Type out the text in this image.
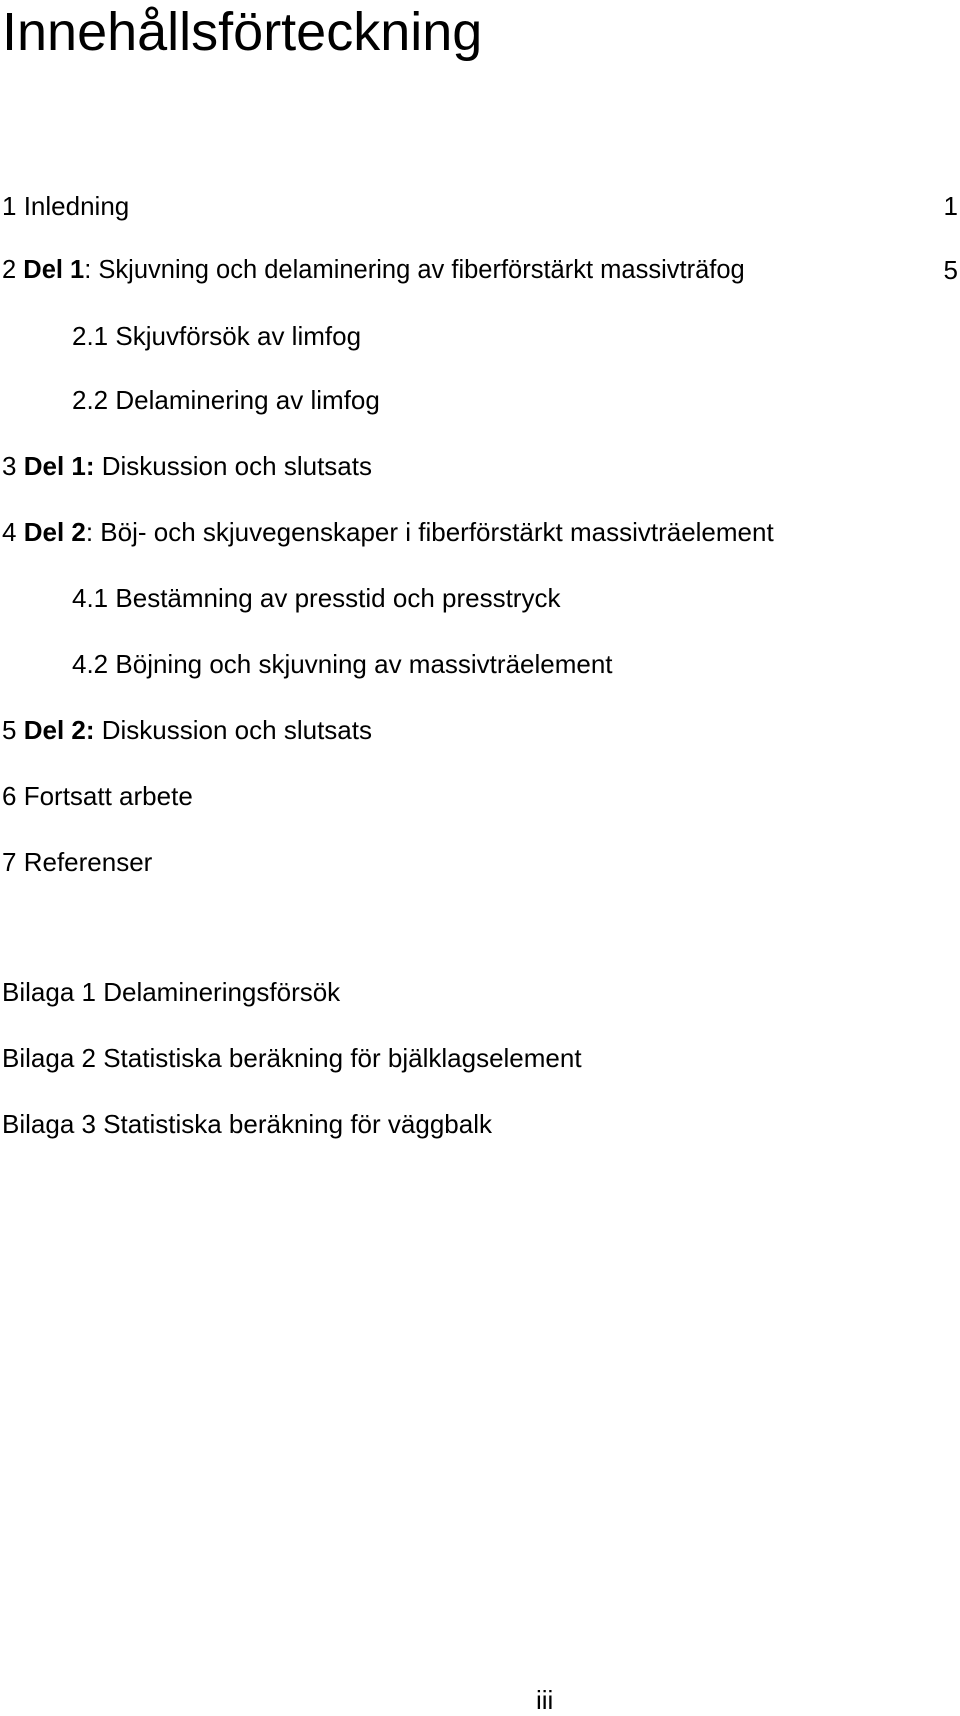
Innehållsförteckning
1 Inledning	1
2 Del 1: Skjuvning och delaminering av fiberförstärkt massivträfog	5
2.1 Skjuvförsök av limfog
2.2 Delaminering av limfog
3 Del 1: Diskussion och slutsats
4 Del 2: Böj- och skjuvegenskaper i fiberförstärkt massivträelement
4.1 Bestämning av presstid och presstryck
4.2 Böjning och skjuvning av massivträelement
5 Del 2: Diskussion och slutsats
6 Fortsatt arbete
7 Referenser
Bilaga 1 Delamineringsförsök
Bilaga 2 Statistiska beräkning för bjälklagselement
Bilaga 3 Statistiska beräkning för väggbalk
iii
